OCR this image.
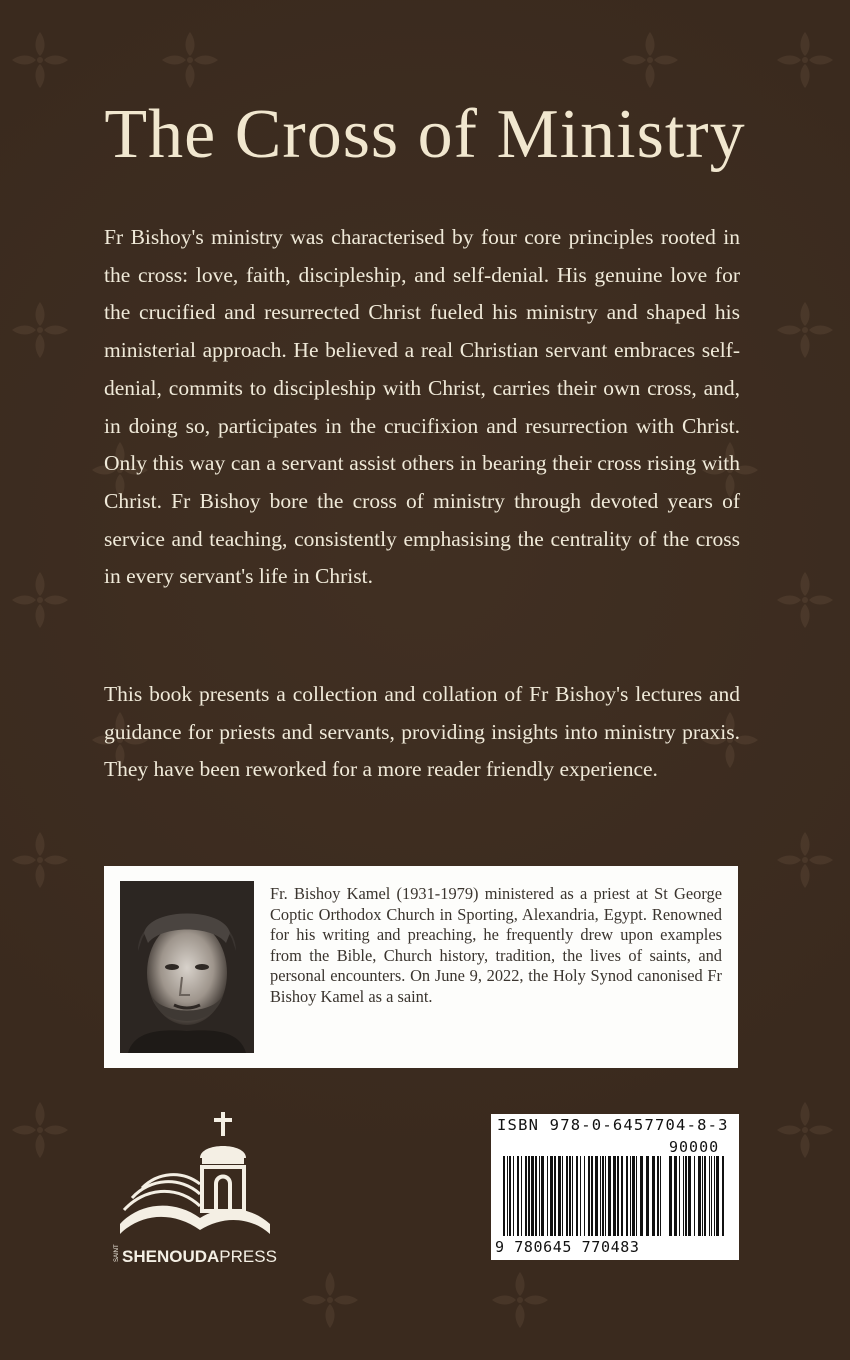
The Cross of Ministry

Fr Bishoy's ministry was characterised by four core principles rooted in the cross: love, faith, discipleship, and self-denial. His genuine love for the crucified and resurrected Christ fueled his ministry and shaped his ministerial approach. He believed a real Christian servant embraces self-denial, commits to discipleship with Christ, carries their own cross, and, in doing so, participates in the crucifixion and resurrection with Christ. Only this way can a servant assist others in bearing their cross rising with Christ. Fr Bishoy bore the cross of ministry through devoted years of service and teaching, consistently emphasising the centrality of the cross in every servant's life in Christ.

This book presents a collection and collation of Fr Bishoy's lectures and guidance for priests and servants, providing insights into ministry praxis. They have been reworked for a more reader friendly experience.

Fr. Bishoy Kamel (1931-1979) ministered as a priest at St George Coptic Orthodox Church in Sporting, Alexandria, Egypt. Renowned for his writing and preaching, he frequently drew upon examples from the Bible, Church history, tradition, the lives of saints, and personal encounters. On June 9, 2022, the Holy Synod canonised Fr Bishoy Kamel as a saint.

SAINT SHENOUDAPRESS
ISBN 978-0-6457704-8-3
90000
9 780645 770483
